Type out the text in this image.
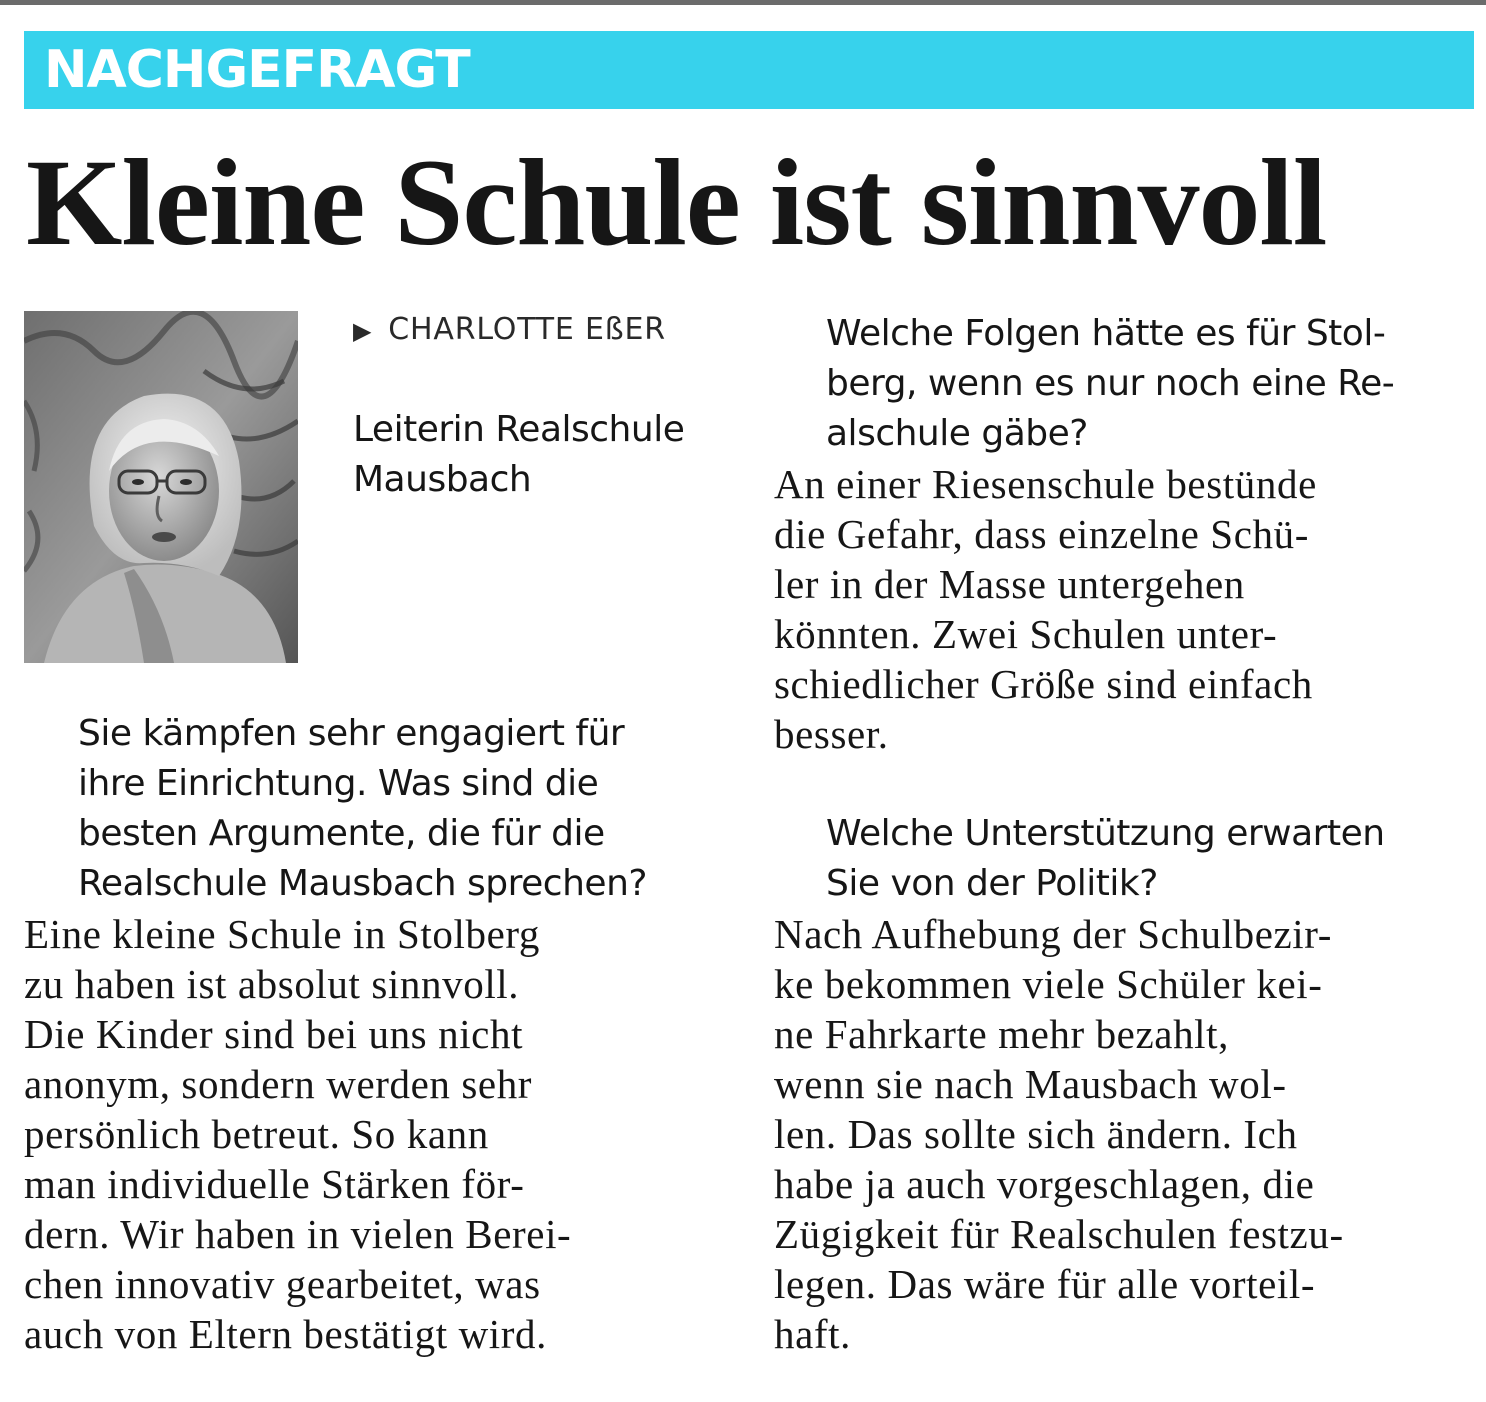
NACHGEFRAGT
Kleine Schule ist sinnvoll
▶ CHARLOTTE EßER
Leiterin Realschule
Mausbach
Sie kämpfen sehr engagiert für
ihre Einrichtung. Was sind die
besten Argumente, die für die
Realschule Mausbach sprechen?
Eine kleine Schule in Stolberg
zu haben ist absolut sinnvoll.
Die Kinder sind bei uns nicht
anonym, sondern werden sehr
persönlich betreut. So kann
man individuelle Stärken för-
dern. Wir haben in vielen Berei-
chen innovativ gearbeitet, was
auch von Eltern bestätigt wird.
Welche Folgen hätte es für Stol-
berg, wenn es nur noch eine Re-
alschule gäbe?
An einer Riesenschule bestünde
die Gefahr, dass einzelne Schü-
ler in der Masse untergehen
könnten. Zwei Schulen unter-
schiedlicher Größe sind einfach
besser.
Welche Unterstützung erwarten
Sie von der Politik?
Nach Aufhebung der Schulbezir-
ke bekommen viele Schüler kei-
ne Fahrkarte mehr bezahlt,
wenn sie nach Mausbach wol-
len. Das sollte sich ändern. Ich
habe ja auch vorgeschlagen, die
Zügigkeit für Realschulen festzu-
legen. Das wäre für alle vorteil-
haft.
